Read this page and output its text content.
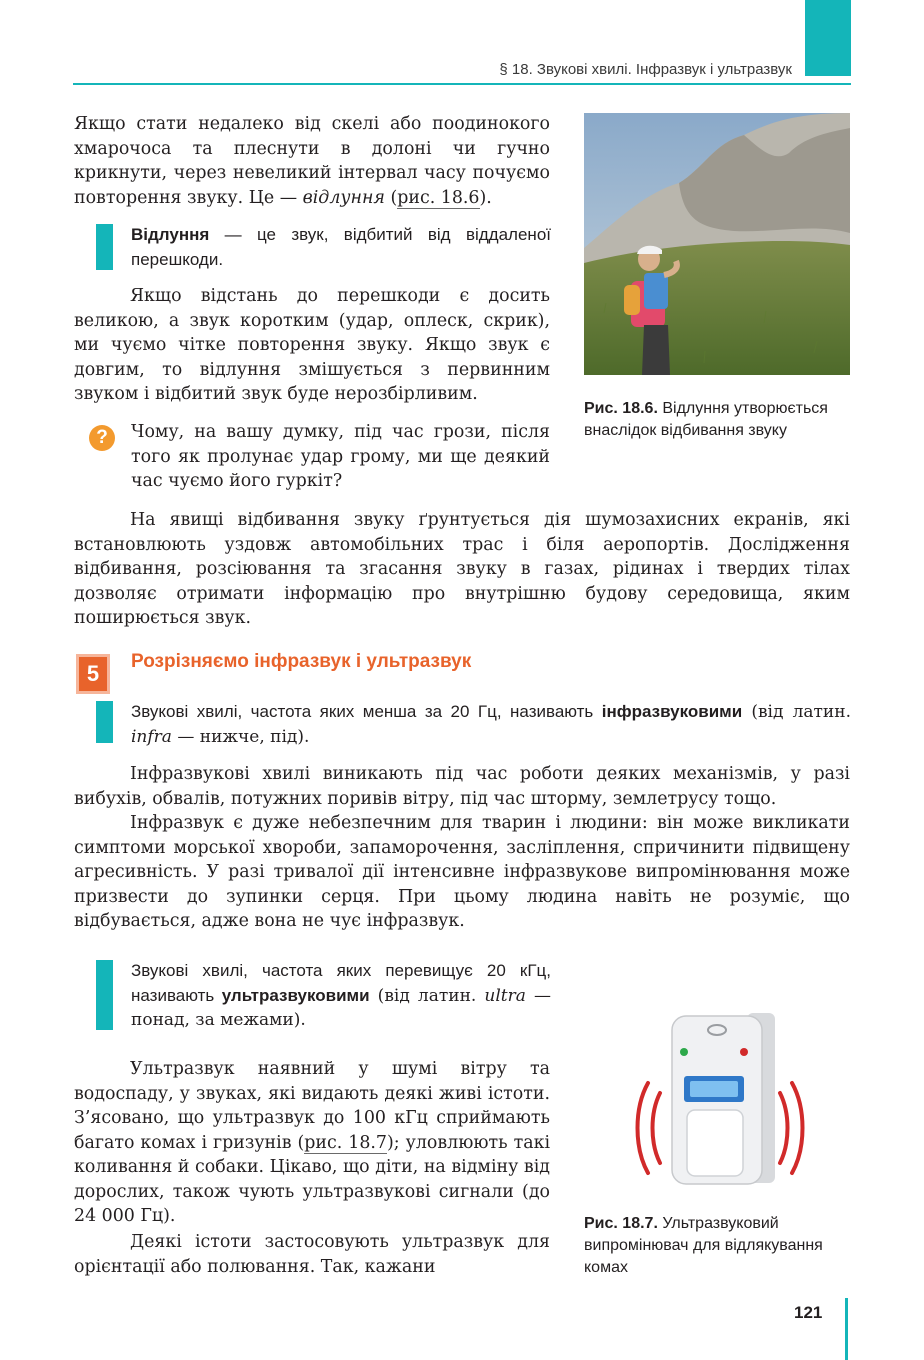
§ 18. Звукові хвилі. Інфразвук і ультразвук

Якщо стати недалеко від скелі або поодинокого хмарочоса та плеснути в долоні чи гучно крикнути, через невеликий інтервал часу почуємо повторення звуку. Це — відлуння (рис. 18.6).

Відлуння — це звук, відбитий від віддаленої перешкоди.

Якщо відстань до перешкоди є досить великою, а звук коротким (удар, оплеск, скрик), ми чуємо чітке повторення звуку. Якщо звук є довгим, то відлуння змішується з первинним звуком і відбитий звук буде нерозбірливим.

?	Чому, на вашу думку, під час грози, після того як пролунає удар грому, ми ще деякий час чуємо його гуркіт?

Рис. 18.6. Відлуння утворюється внаслідок відбивання звуку

На явищі відбивання звуку ґрунтується дія шумозахисних екранів, які встановлюють уздовж автомобільних трас і біля аеропортів. Дослідження відбивання, розсіювання та згасання звуку в газах, рідинах і твердих тілах дозволяє отримати інформацію про внутрішню будову середовища, яким поширюється звук.

5	Розрізняємо інфразвук і ультразвук

Звукові хвилі, частота яких менша за 20 Гц, називають інфразвуковими (від латин. infra — нижче, під).

Інфразвукові хвилі виникають під час роботи деяких механізмів, у разі вибухів, обвалів, потужних поривів вітру, під час шторму, землетрусу тощо.

Інфразвук є дуже небезпечним для тварин і людини: він може викликати симптоми морської хвороби, запаморочення, засліплення, спричинити підвищену агресивність. У разі тривалої дії інтенсивне інфразвукове випромінювання може призвести до зупинки серця. При цьому людина навіть не розуміє, що відбувається, адже вона не чує інфразвук.

Звукові хвилі, частота яких перевищує 20 кГц, називають ультразвуковими (від латин. ultra — понад, за межами).

Ультразвук наявний у шумі вітру та водоспаду, у звуках, які видають деякі живі істоти. З’ясовано, що ультразвук до 100 кГц сприймають багато комах і гризунів (рис. 18.7); уловлюють такі коливання й собаки. Цікаво, що діти, на відміну від дорослих, також чують ультразвукові сигнали (до 24 000 Гц).

Деякі істоти застосовують ультразвук для орієнтації або полювання. Так, кажани

Рис. 18.7. Ультразвуковий випромінювач для відлякування комах

121
